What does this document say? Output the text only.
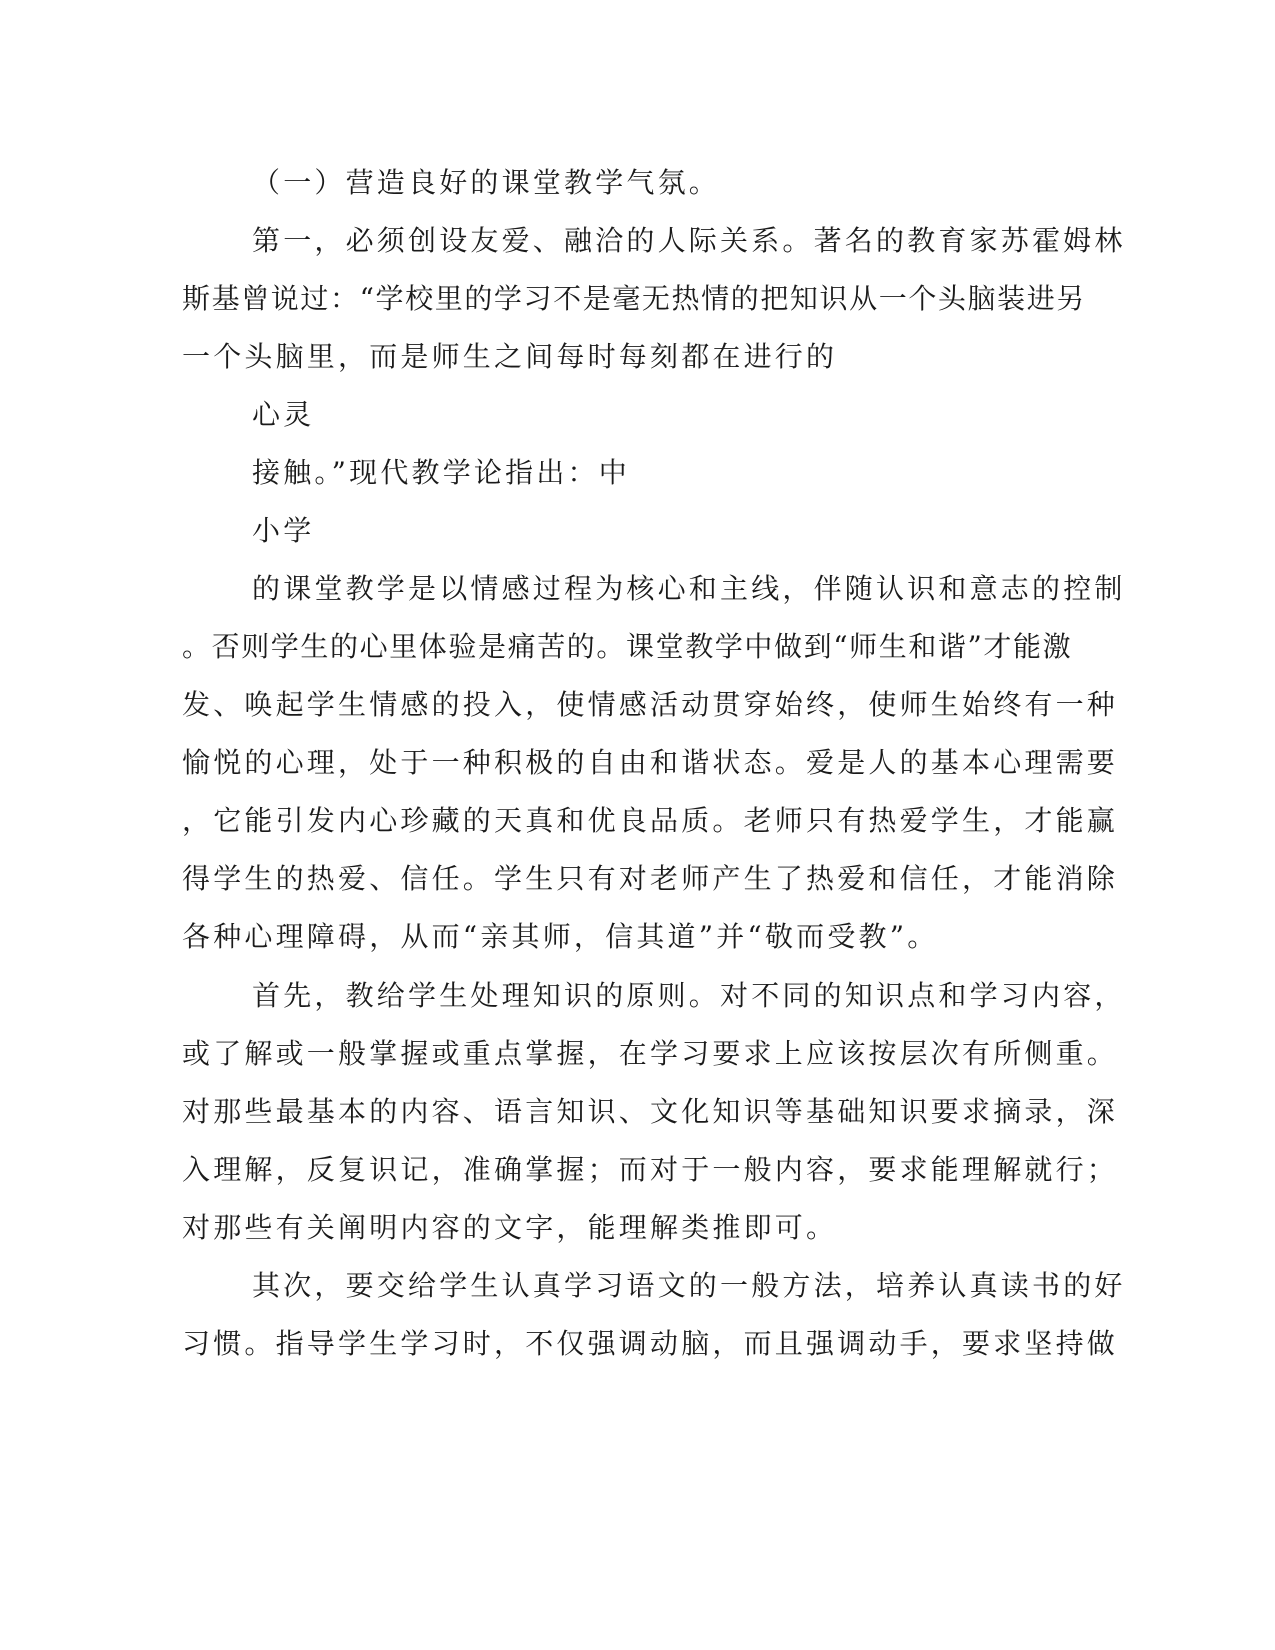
（一）营造良好的课堂教学气氛。
第一，必须创设友爱、融洽的人际关系。著名的教育家苏霍姆林
斯基曾说过：“学校里的学习不是毫无热情的把知识从一个头脑装进另
一个头脑里，而是师生之间每时每刻都在进行的
心灵
接触。”现代教学论指出：中
小学
的课堂教学是以情感过程为核心和主线，伴随认识和意志的控制
。否则学生的心里体验是痛苦的。课堂教学中做到“师生和谐”才能激
发、唤起学生情感的投入，使情感活动贯穿始终，使师生始终有一种
愉悦的心理，处于一种积极的自由和谐状态。爱是人的基本心理需要
，它能引发内心珍藏的天真和优良品质。老师只有热爱学生，才能赢
得学生的热爱、信任。学生只有对老师产生了热爱和信任，才能消除
各种心理障碍，从而“亲其师，信其道”并“敬而受教”。
首先，教给学生处理知识的原则。对不同的知识点和学习内容，
或了解或一般掌握或重点掌握，在学习要求上应该按层次有所侧重。
对那些最基本的内容、语言知识、文化知识等基础知识要求摘录，深
入理解，反复识记，准确掌握；而对于一般内容，要求能理解就行；
对那些有关阐明内容的文字，能理解类推即可。
其次，要交给学生认真学习语文的一般方法，培养认真读书的好
习惯。指导学生学习时，不仅强调动脑，而且强调动手，要求坚持做
